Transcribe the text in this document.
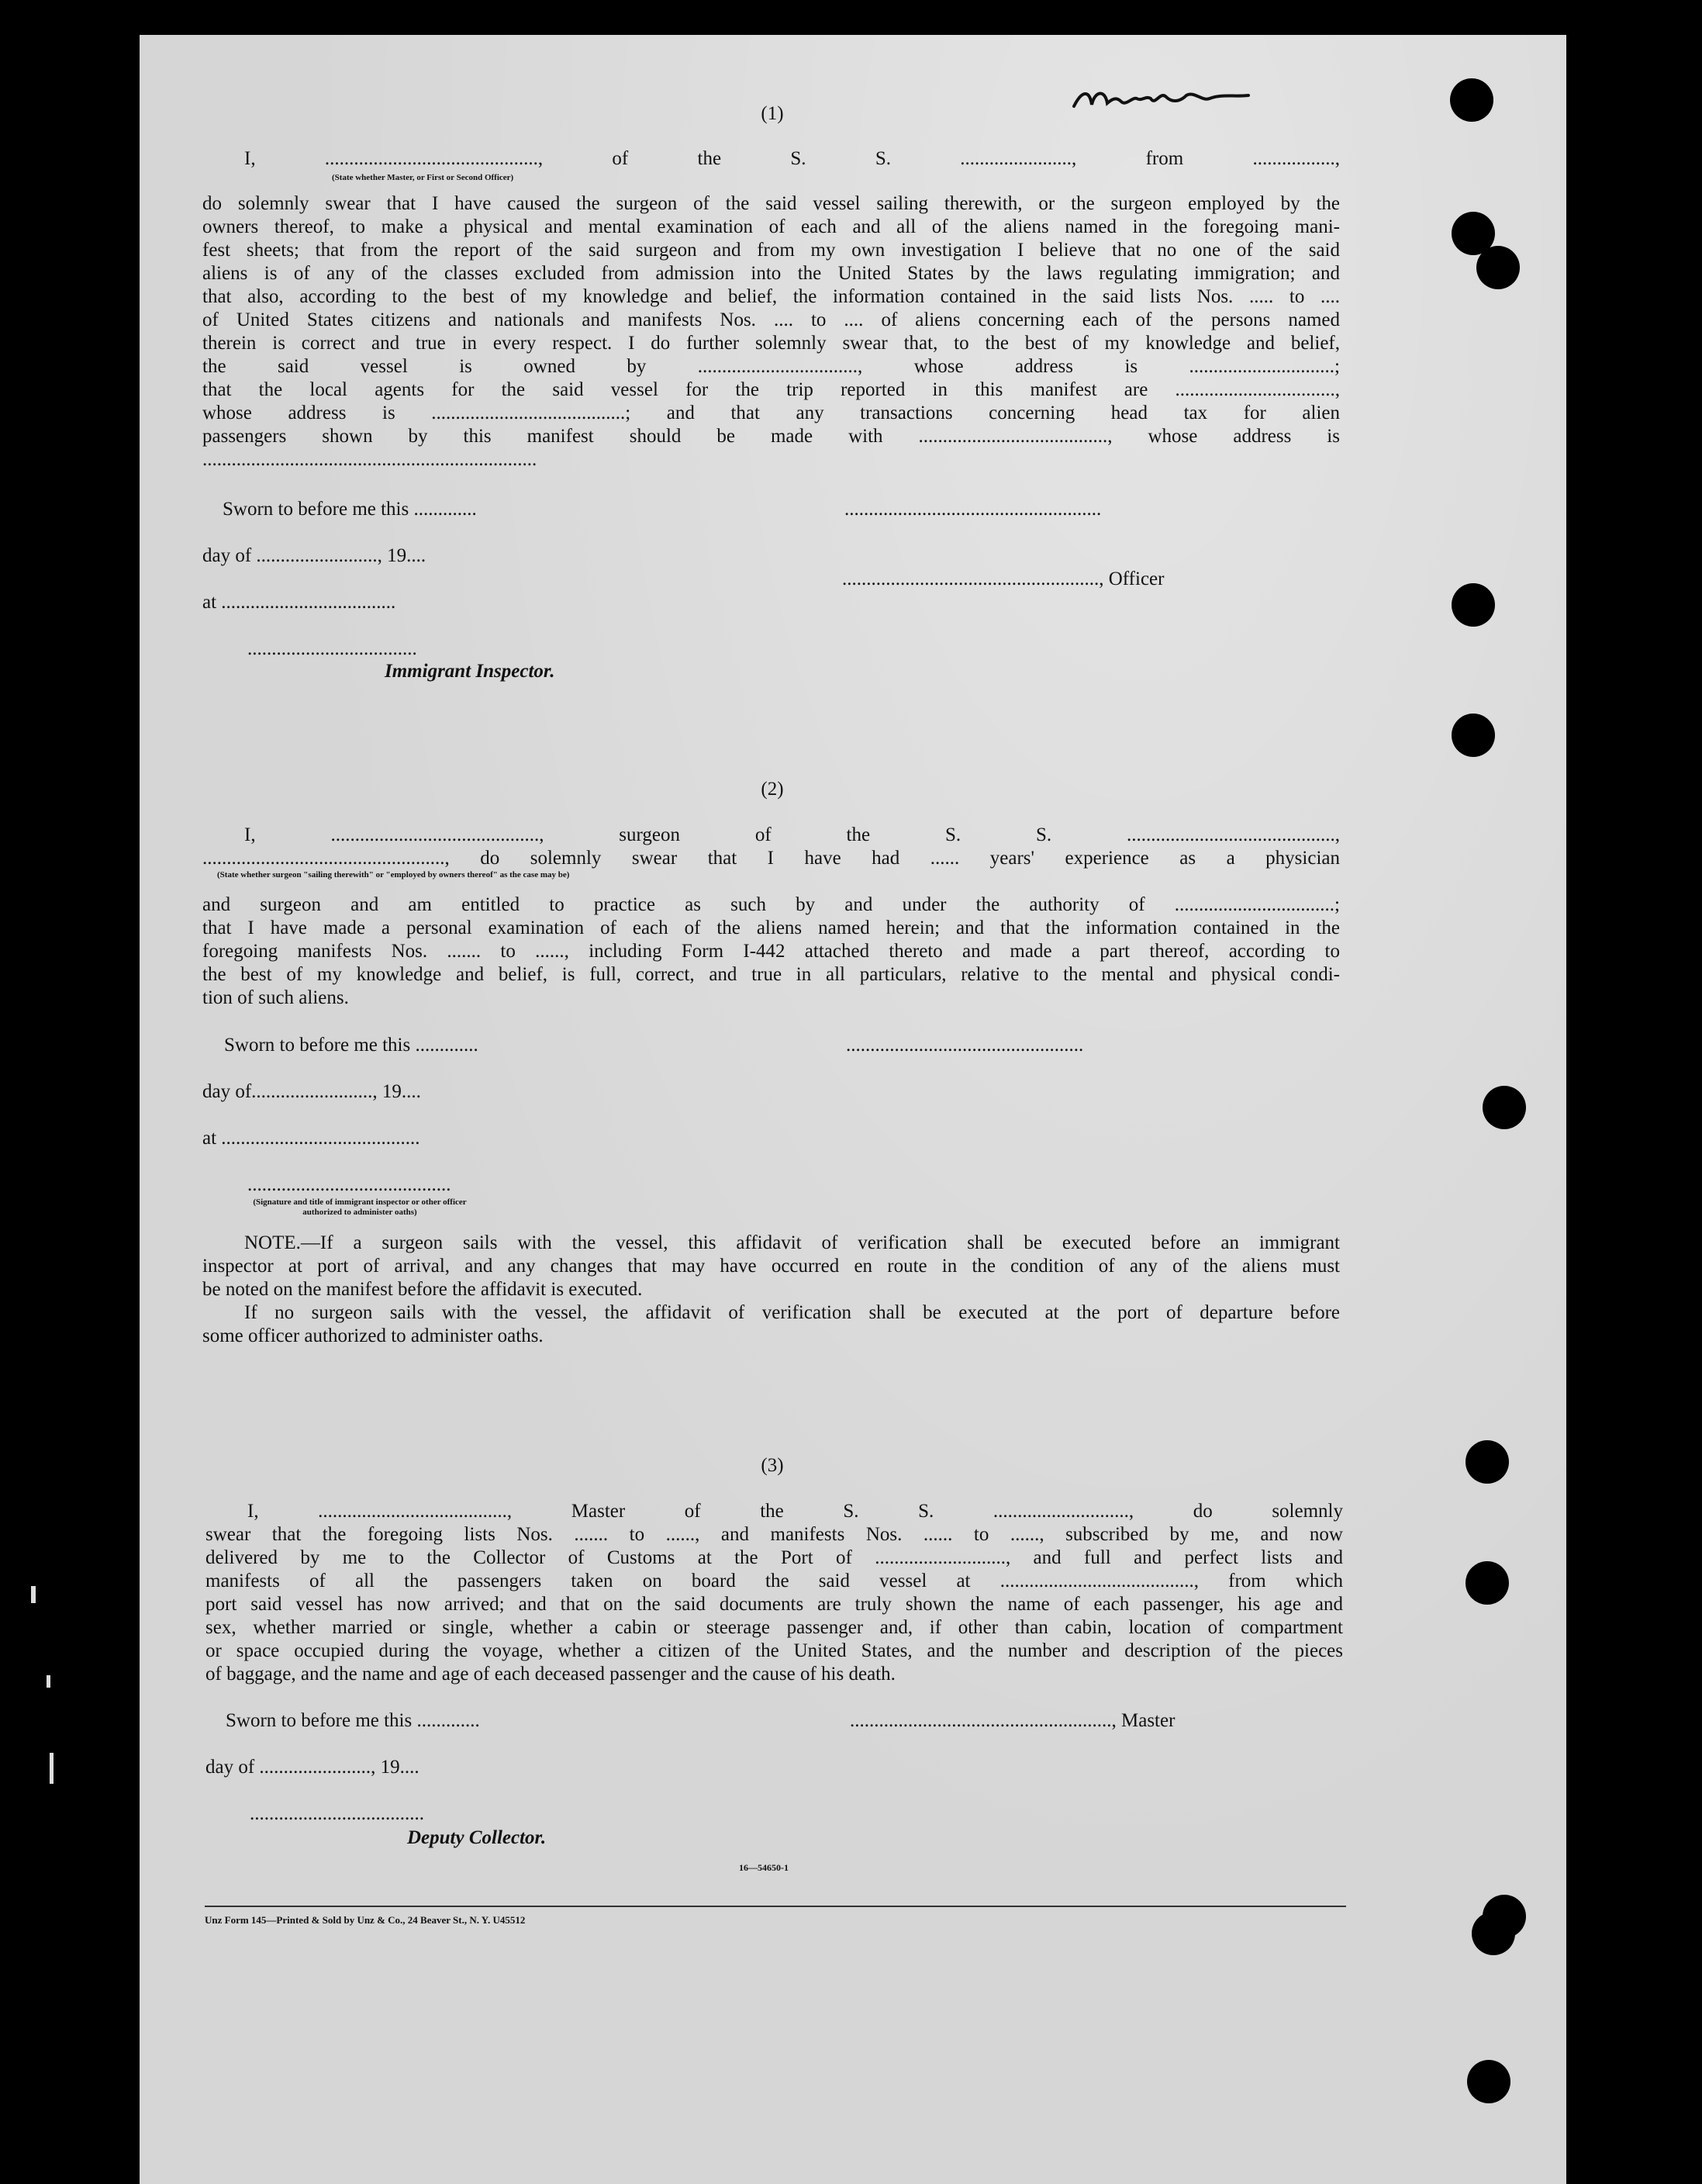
(1)
I, ............................................, of the S. S. ......................., from .................,
(State whether Master, or First or Second Officer)
do solemnly swear that I have caused the surgeon of the said vessel sailing therewith, or the surgeon employed by the
owners thereof, to make a physical and mental examination of each and all of the aliens named in the foregoing mani-
fest sheets; that from the report of the said surgeon and from my own investigation I believe that no one of the said
aliens is of any of the classes excluded from admission into the United States by the laws regulating immigration; and
that also, according to the best of my knowledge and belief, the information contained in the said lists Nos. ..... to ....
of United States citizens and nationals and manifests Nos. .... to .... of aliens concerning each of the persons named
therein is correct and true in every respect. I do further solemnly swear that, to the best of my knowledge and belief,
the said vessel is owned by ................................., whose address is ..............................;
that the local agents for the said vessel for the trip reported in this manifest are .................................,
whose address is ........................................; and that any transactions concerning head tax for alien
passengers shown by this manifest should be made with ......................................., whose address is
.....................................................................
Sworn to before me this .............	.....................................................
day of ........................., 19....
....................................................., Officer
at ....................................
...................................
Immigrant Inspector.
(2)
I, ..........................................., surgeon of the S. S. ...........................................,
.................................................., do solemnly swear that I have had ...... years' experience as a physician
(State whether surgeon "sailing therewith" or "employed by owners thereof" as the case may be)
and surgeon and am entitled to practice as such by and under the authority of .................................;
that I have made a personal examination of each of the aliens named herein; and that the information contained in the
foregoing manifests Nos. ....... to ......, including Form I-442 attached thereto and made a part thereof, according to
the best of my knowledge and belief, is full, correct, and true in all particulars, relative to the mental and physical condi-
tion of such aliens.
Sworn to before me this .............	.................................................
day of........................., 19....
at .........................................
..........................................
(Signature and title of immigrant inspector or other officer authorized to administer oaths)
NOTE.—If a surgeon sails with the vessel, this affidavit of verification shall be executed before an immigrant
inspector at port of arrival, and any changes that may have occurred en route in the condition of any of the aliens must
be noted on the manifest before the affidavit is executed.
If no surgeon sails with the vessel, the affidavit of verification shall be executed at the port of departure before
some officer authorized to administer oaths.
(3)
I, ......................................., Master of the S. S. ............................, do solemnly
swear that the foregoing lists Nos. ....... to ......, and manifests Nos. ...... to ......, subscribed by me, and now
delivered by me to the Collector of Customs at the Port of ..........................., and full and perfect lists and
manifests of all the passengers taken on board the said vessel at ........................................, from which
port said vessel has now arrived; and that on the said documents are truly shown the name of each passenger, his age and
sex, whether married or single, whether a cabin or steerage passenger and, if other than cabin, location of compartment
or space occupied during the voyage, whether a citizen of the United States, and the number and description of the pieces
of baggage, and the name and age of each deceased passenger and the cause of his death.
Sworn to before me this .............	......................................................, Master
day of ......................., 19....
....................................
Deputy Collector.
16—54650-1
Unz Form 145—Printed & Sold by Unz & Co., 24 Beaver St., N. Y. U45512
